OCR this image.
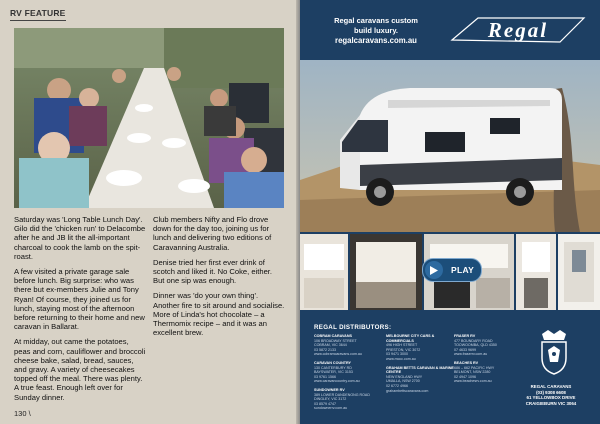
RV FEATURE

Saturday was 'Long Table Lunch Day'. Gilo did the 'chicken run' to Delacombe after he and JB lit the all-important charcoal to cook the lamb on the spit-roast.

A few visited a private garage sale before lunch. Big surprise: who was there but ex-members Julie and Tony Ryan! Of course, they joined us for lunch, staying most of the afternoon before returning to their home and new caravan in Ballarat.

At midday, out came the potatoes, peas and corn, cauliflower and broccoli cheese bake, salad, bread, sauces, and gravy. A variety of cheesecakes topped off the meal. There was plenty. A true feast. Enough left over for Sunday dinner.

Club members Nifty and Flo drove down for the day too, joining us for lunch and delivering two editions of Caravanning Australia.

Denise tried her first ever drink of scotch and liked it. No Coke, either. But one sip was enough.

Dinner was 'do your own thing'. Another fire to sit around and socialise. More of Linda's hot chocolate – a Thermomix recipe – and it was an excellent brew.

130 \
Regal caravans custom
build luxury.
regalcaravans.com.au	Regal
PLAY
REGAL DISTRIBUTORS:
COBRAM CARAVANS
106 BROADWAY STREET
COBRAM, VIC 3644
03 5872 2133
www.cobramcaravans.com.au
CARAVAN COUNTRY
130 CANTERBURY RD
BAYSWATER, VIC 3153
03 9761 1566
www.caravancountry.com.au
SUNDOWNER RV
389 LOWER DANDENONG ROAD
DINGLEY, VIC 3172
03 8579 4747
sundownerrv.com.au
MELBOURNE CITY CARS & COMMERCIALS
496 HIGH STREET
PRESTON, VIC 3072
03 9471 3000
www.mccc.com.au
GRAHAM BETTS CARAVAN & MARINE CENTRE
NEW ENGLAND HWY
UMALLA, NSW 2700
02 6772 4966
grahambettscaravans.com
FRASER RV
477 BOUNDARY ROAD
TOOWOOMBA, QLD 4350
07 4633 9699
www.fraserrv.com.au
BEACHES RV
686 – 662 PACIFIC HWY
BELMONT, NSW 2280
02 4947 1096
www.beachesrv.com.au
REGAL CARAVANS
(03) 9308 6608
61 YELLOWBOX DRIVE
CRAIGIEBURN VIC 3064
